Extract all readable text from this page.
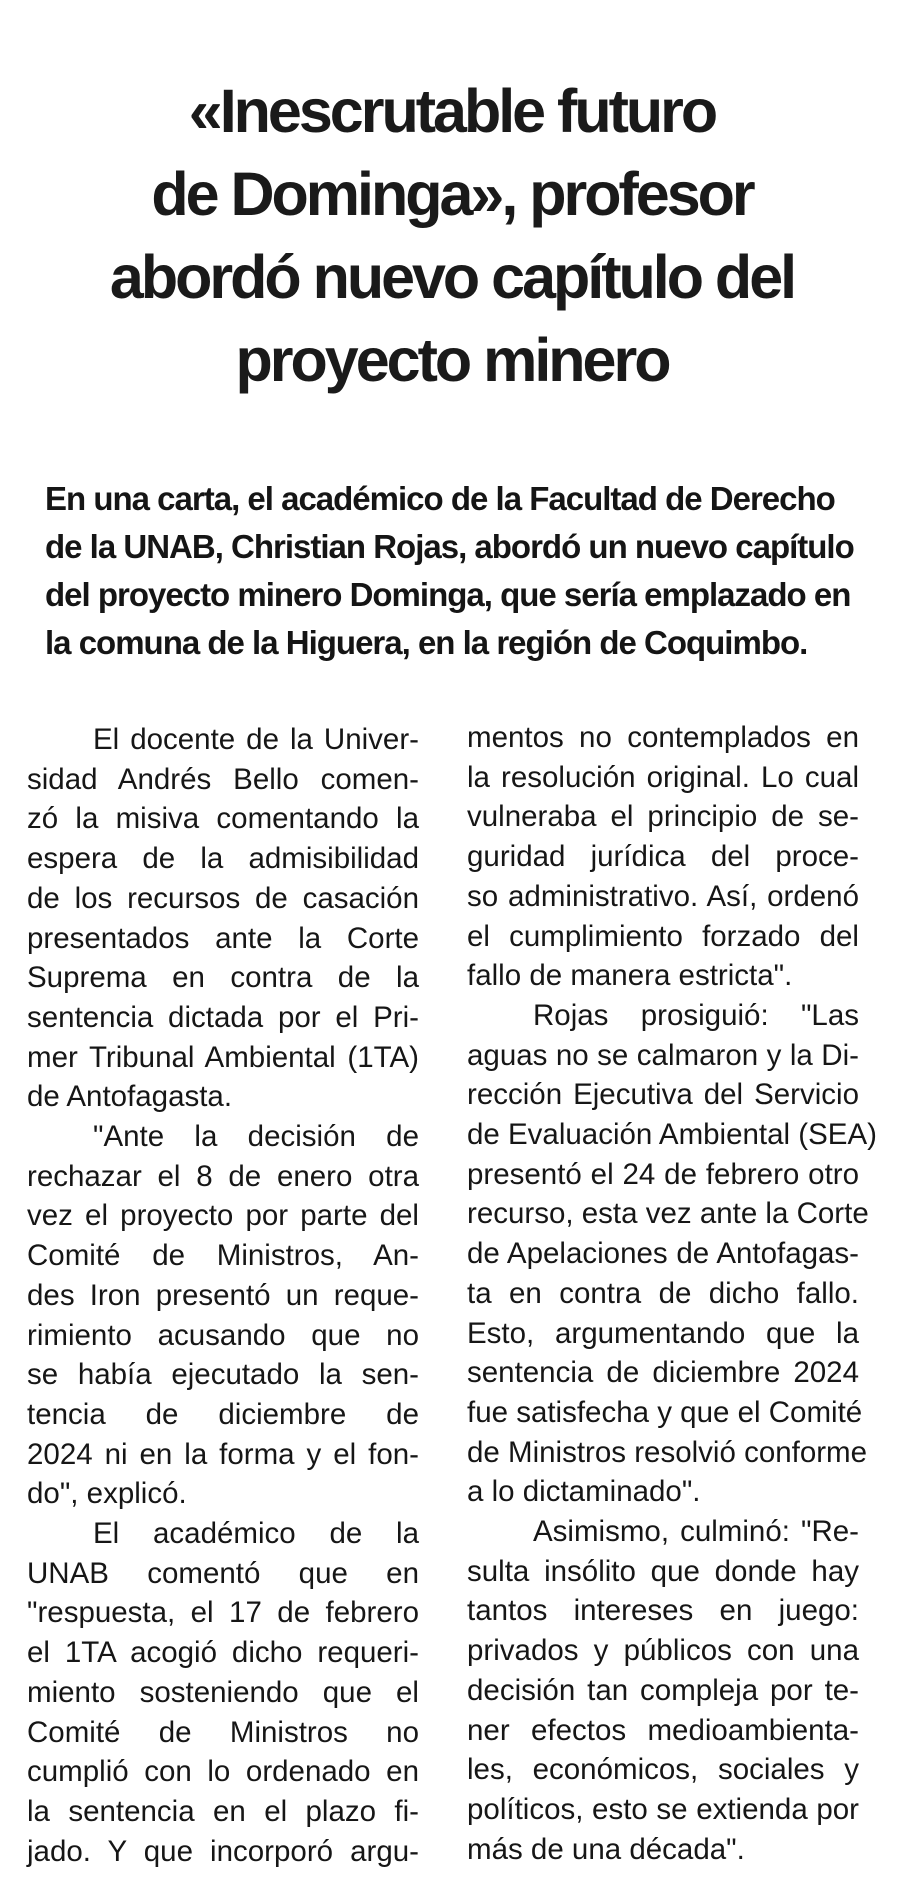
«Inescrutable futuro
de Dominga», profesor
abordó nuevo capítulo del
proyecto minero

En una carta, el académico de la Facultad de Derecho
de la UNAB, Christian Rojas, abordó un nuevo capítulo
del proyecto minero Dominga, que sería emplazado en
la comuna de la Higuera, en la región de Coquimbo.

El docente de la Univer-
sidad Andrés Bello comen-
zó la misiva comentando la
espera de la admisibilidad
de los recursos de casación
presentados ante la Corte
Suprema en contra de la
sentencia dictada por el Pri-
mer Tribunal Ambiental (1TA)
de Antofagasta.
"Ante la decisión de
rechazar el 8 de enero otra
vez el proyecto por parte del
Comité de Ministros, An-
des Iron presentó un reque-
rimiento acusando que no
se había ejecutado la sen-
tencia de diciembre de
2024 ni en la forma y el fon-
do", explicó.
El académico de la
UNAB comentó que en
"respuesta, el 17 de febrero
el 1TA acogió dicho requeri-
miento sosteniendo que el
Comité de Ministros no
cumplió con lo ordenado en
la sentencia en el plazo fi-
jado. Y que incorporó argu-
mentos no contemplados en
la resolución original. Lo cual
vulneraba el principio de se-
guridad jurídica del proce-
so administrativo. Así, ordenó
el cumplimiento forzado del
fallo de manera estricta".
Rojas prosiguió: "Las
aguas no se calmaron y la Di-
rección Ejecutiva del Servicio
de Evaluación Ambiental (SEA)
presentó el 24 de febrero otro
recurso, esta vez ante la Corte
de Apelaciones de Antofagas-
ta en contra de dicho fallo.
Esto, argumentando que la
sentencia de diciembre 2024
fue satisfecha y que el Comité
de Ministros resolvió conforme
a lo dictaminado".
Asimismo, culminó: "Re-
sulta insólito que donde hay
tantos intereses en juego:
privados y públicos con una
decisión tan compleja por te-
ner efectos medioambienta-
les, económicos, sociales y
políticos, esto se extienda por
más de una década".
